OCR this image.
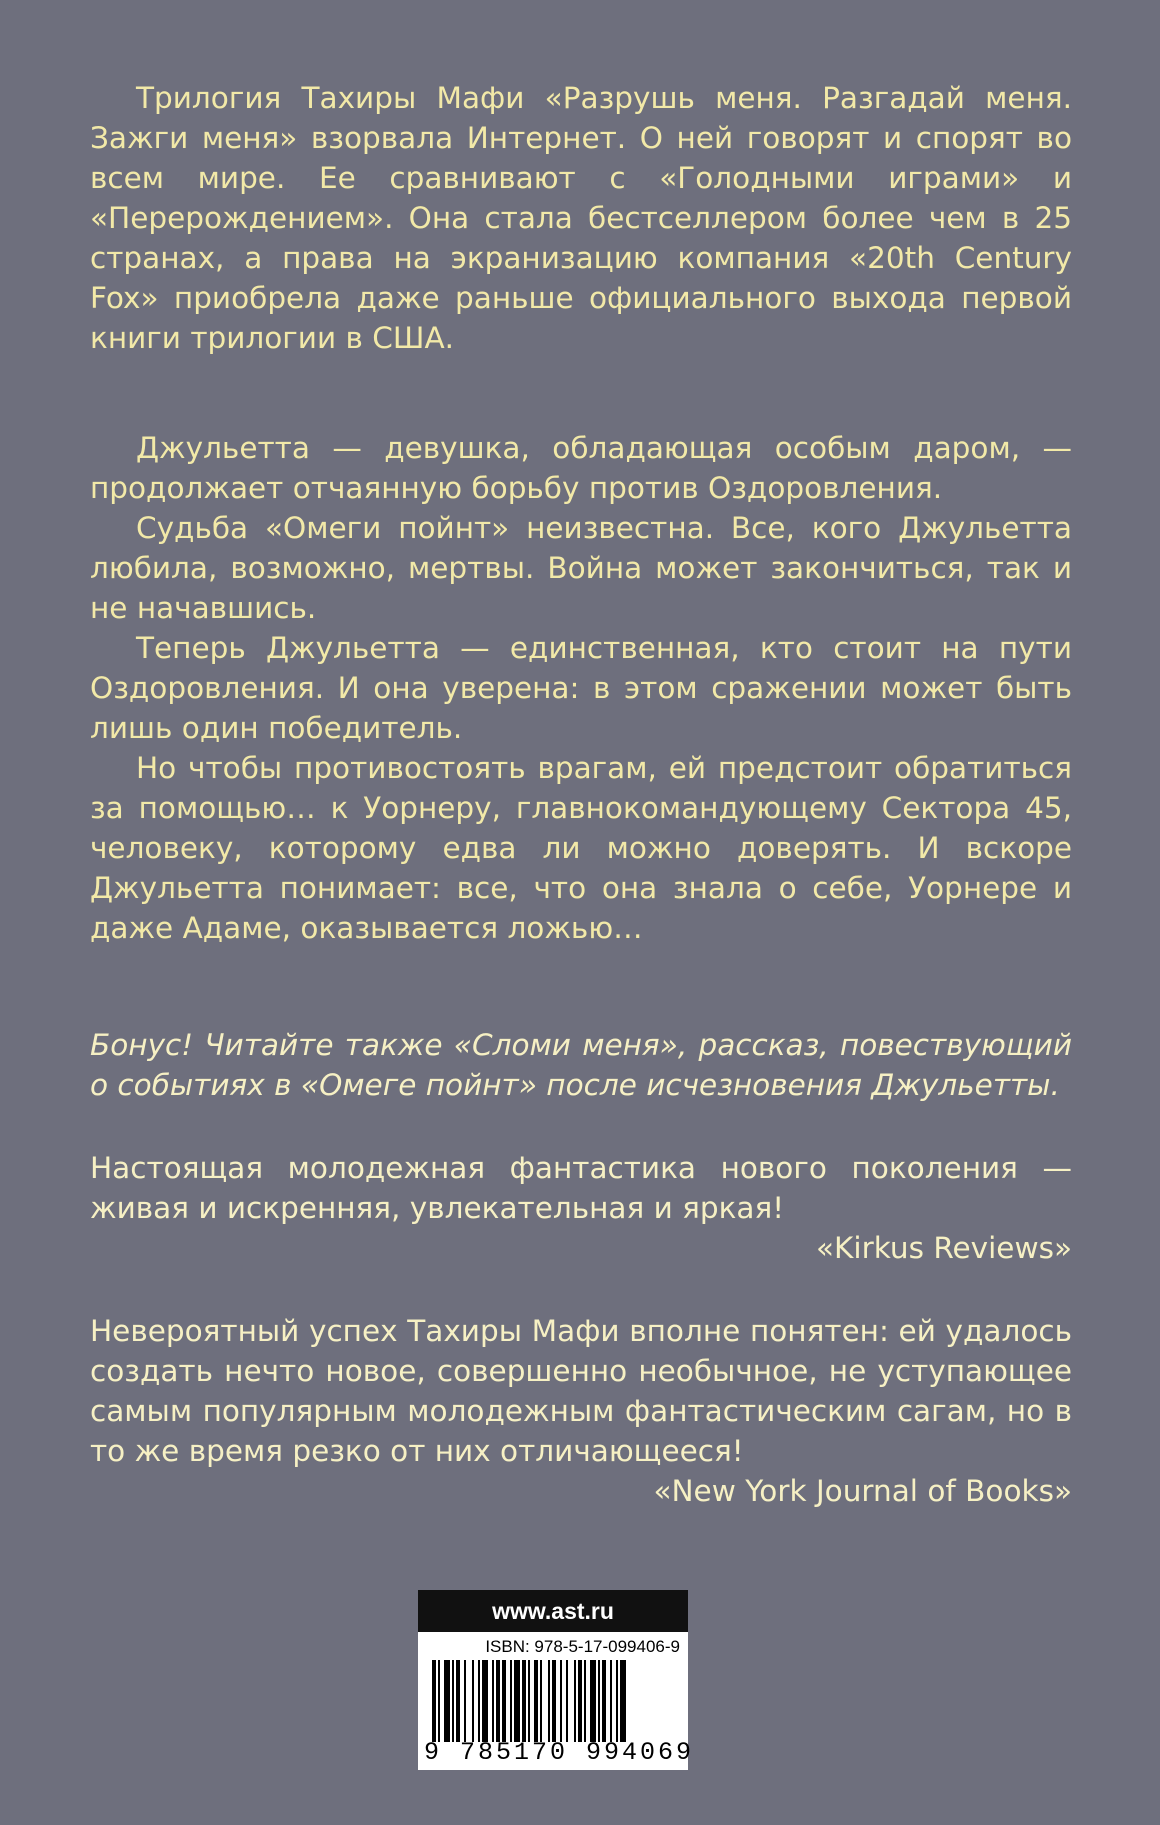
Трилогия Тахиры Мафи «Разрушь меня. Разгадай меня. Зажги меня» взорвала Интернет. О ней говорят и спорят во всем мире. Ее сравнивают с «Голодными играми» и «Перерождением». Она стала бестселлером более чем в 25 странах, а права на экранизацию компания «20th Century Fox» приобрела даже раньше официального выхода первой книги трилогии в США.

Джульетта — девушка, обладающая особым даром, — продолжает отчаянную борьбу против Оздоровления.

Судьба «Омеги пойнт» неизвестна. Все, кого Джульетта любила, возможно, мертвы. Война может закончиться, так и не начавшись.

Теперь Джульетта — единственная, кто стоит на пути Оздоровления. И она уверена: в этом сражении может быть лишь один победитель.

Но чтобы противостоять врагам, ей предстоит обратиться за помощью… к Уорнеру, главнокомандующему Сектора 45, человеку, которому едва ли можно доверять. И вскоре Джульетта понимает: все, что она знала о себе, Уорнере и даже Адаме, оказывается ложью…

Бонус! Читайте также «Сломи меня», рассказ, повествующий о событиях в «Омеге пойнт» после исчезновения Джульетты.

Настоящая молодежная фантастика нового поколения — живая и искренняя, увлекательная и яркая!

«Kirkus Reviews»

Невероятный успех Тахиры Мафи вполне понятен: ей удалось создать нечто новое, совершенно необычное, не уступающее самым популярным молодежным фантастическим сагам, но в то же время резко от них отличающееся!

«New York Journal of Books»

www.ast.ru
ISBN: 978-5-17-099406-9
9 785170 994069
